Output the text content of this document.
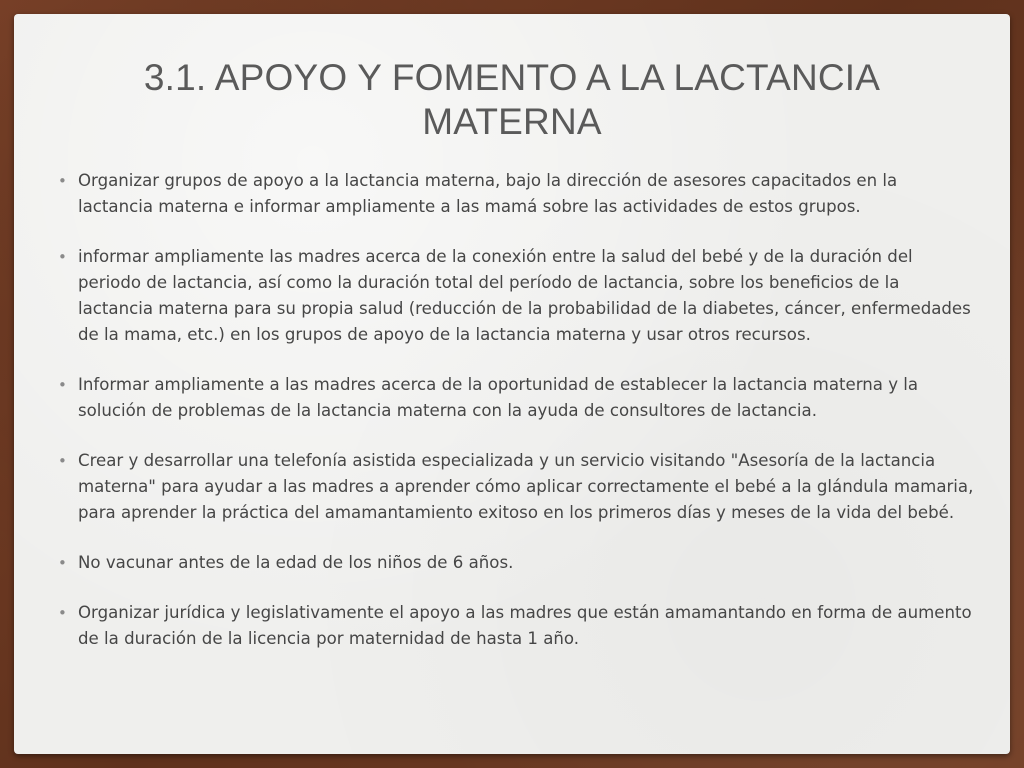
3.1. APOYO Y FOMENTO A LA LACTANCIA
MATERNA
• Organizar grupos de apoyo a la lactancia materna, bajo la dirección de asesores capacitados en la lactancia materna e informar ampliamente a las mamá sobre las actividades de estos grupos.
• informar ampliamente las madres acerca de la conexión entre la salud del bebé y de la duración del periodo de lactancia, así como la duración total del período de lactancia, sobre los beneficios de la lactancia materna para su propia salud (reducción de la probabilidad de la diabetes, cáncer, enfermedades de la mama, etc.) en los grupos de apoyo de la lactancia materna y usar otros recursos.
• Informar ampliamente a las madres acerca de la oportunidad de establecer la lactancia materna y la solución de problemas de la lactancia materna con la ayuda de consultores de lactancia.
• Crear y desarrollar una telefonía asistida especializada y un servicio visitando "Asesoría de la lactancia materna" para ayudar a las madres a aprender cómo aplicar correctamente el bebé a la glándula mamaria, para aprender la práctica del amamantamiento exitoso en los primeros días y meses de la vida del bebé.
• No vacunar antes de la edad de los niños de 6 años.
• Organizar jurídica y legislativamente el apoyo a las madres que están amamantando en forma de aumento de la duración de la licencia por maternidad de hasta 1 año.
